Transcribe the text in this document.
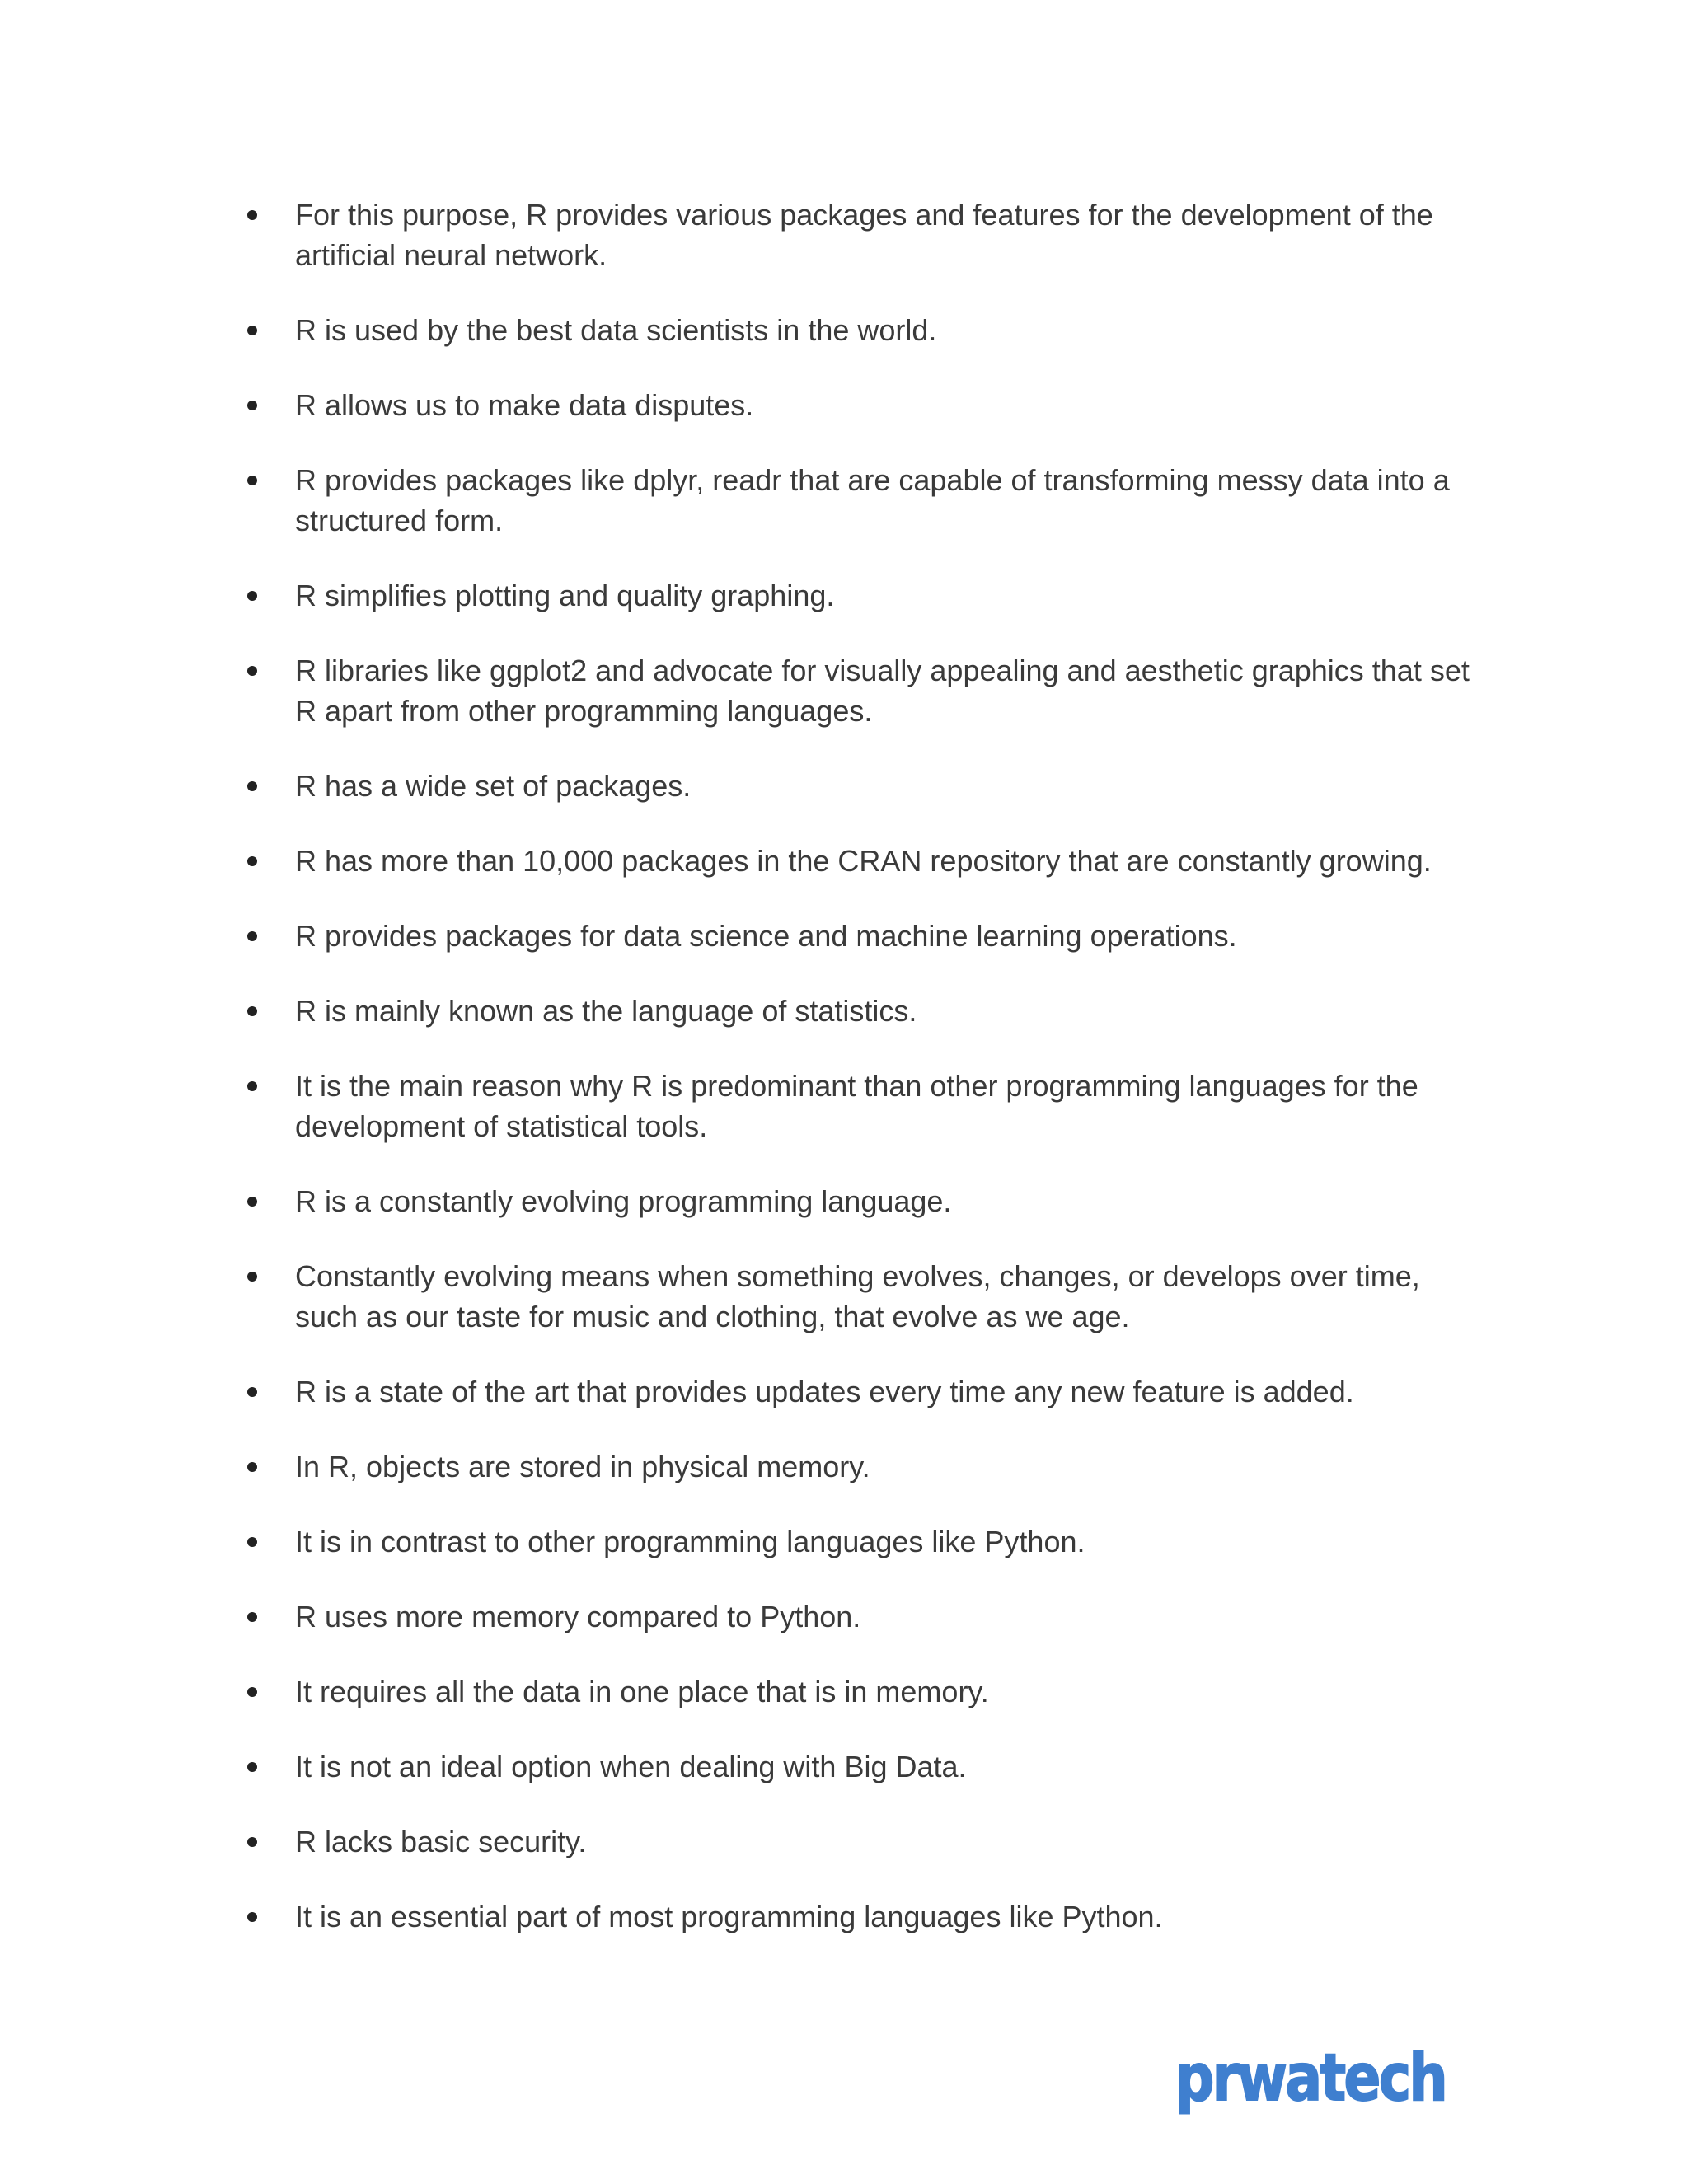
For this purpose, R provides various packages and features for the development of the artificial neural network.
R is used by the best data scientists in the world.
R allows us to make data disputes.
R provides packages like dplyr, readr that are capable of transforming messy data into a structured form.
R simplifies plotting and quality graphing.
R libraries like ggplot2 and advocate for visually appealing and aesthetic graphics that set R apart from other programming languages.
R has a wide set of packages.
R has more than 10,000 packages in the CRAN repository that are constantly growing.
R provides packages for data science and machine learning operations.
R is mainly known as the language of statistics.
It is the main reason why R is predominant than other programming languages for the development of statistical tools.
R is a constantly evolving programming language.
Constantly evolving means when something evolves, changes, or develops over time, such as our taste for music and clothing, that evolve as we age.
R is a state of the art that provides updates every time any new feature is added.
In R, objects are stored in physical memory.
It is in contrast to other programming languages like Python.
R uses more memory compared to Python.
It requires all the data in one place that is in memory.
It is not an ideal option when dealing with Big Data.
R lacks basic security.
It is an essential part of most programming languages like Python.
prwatech
